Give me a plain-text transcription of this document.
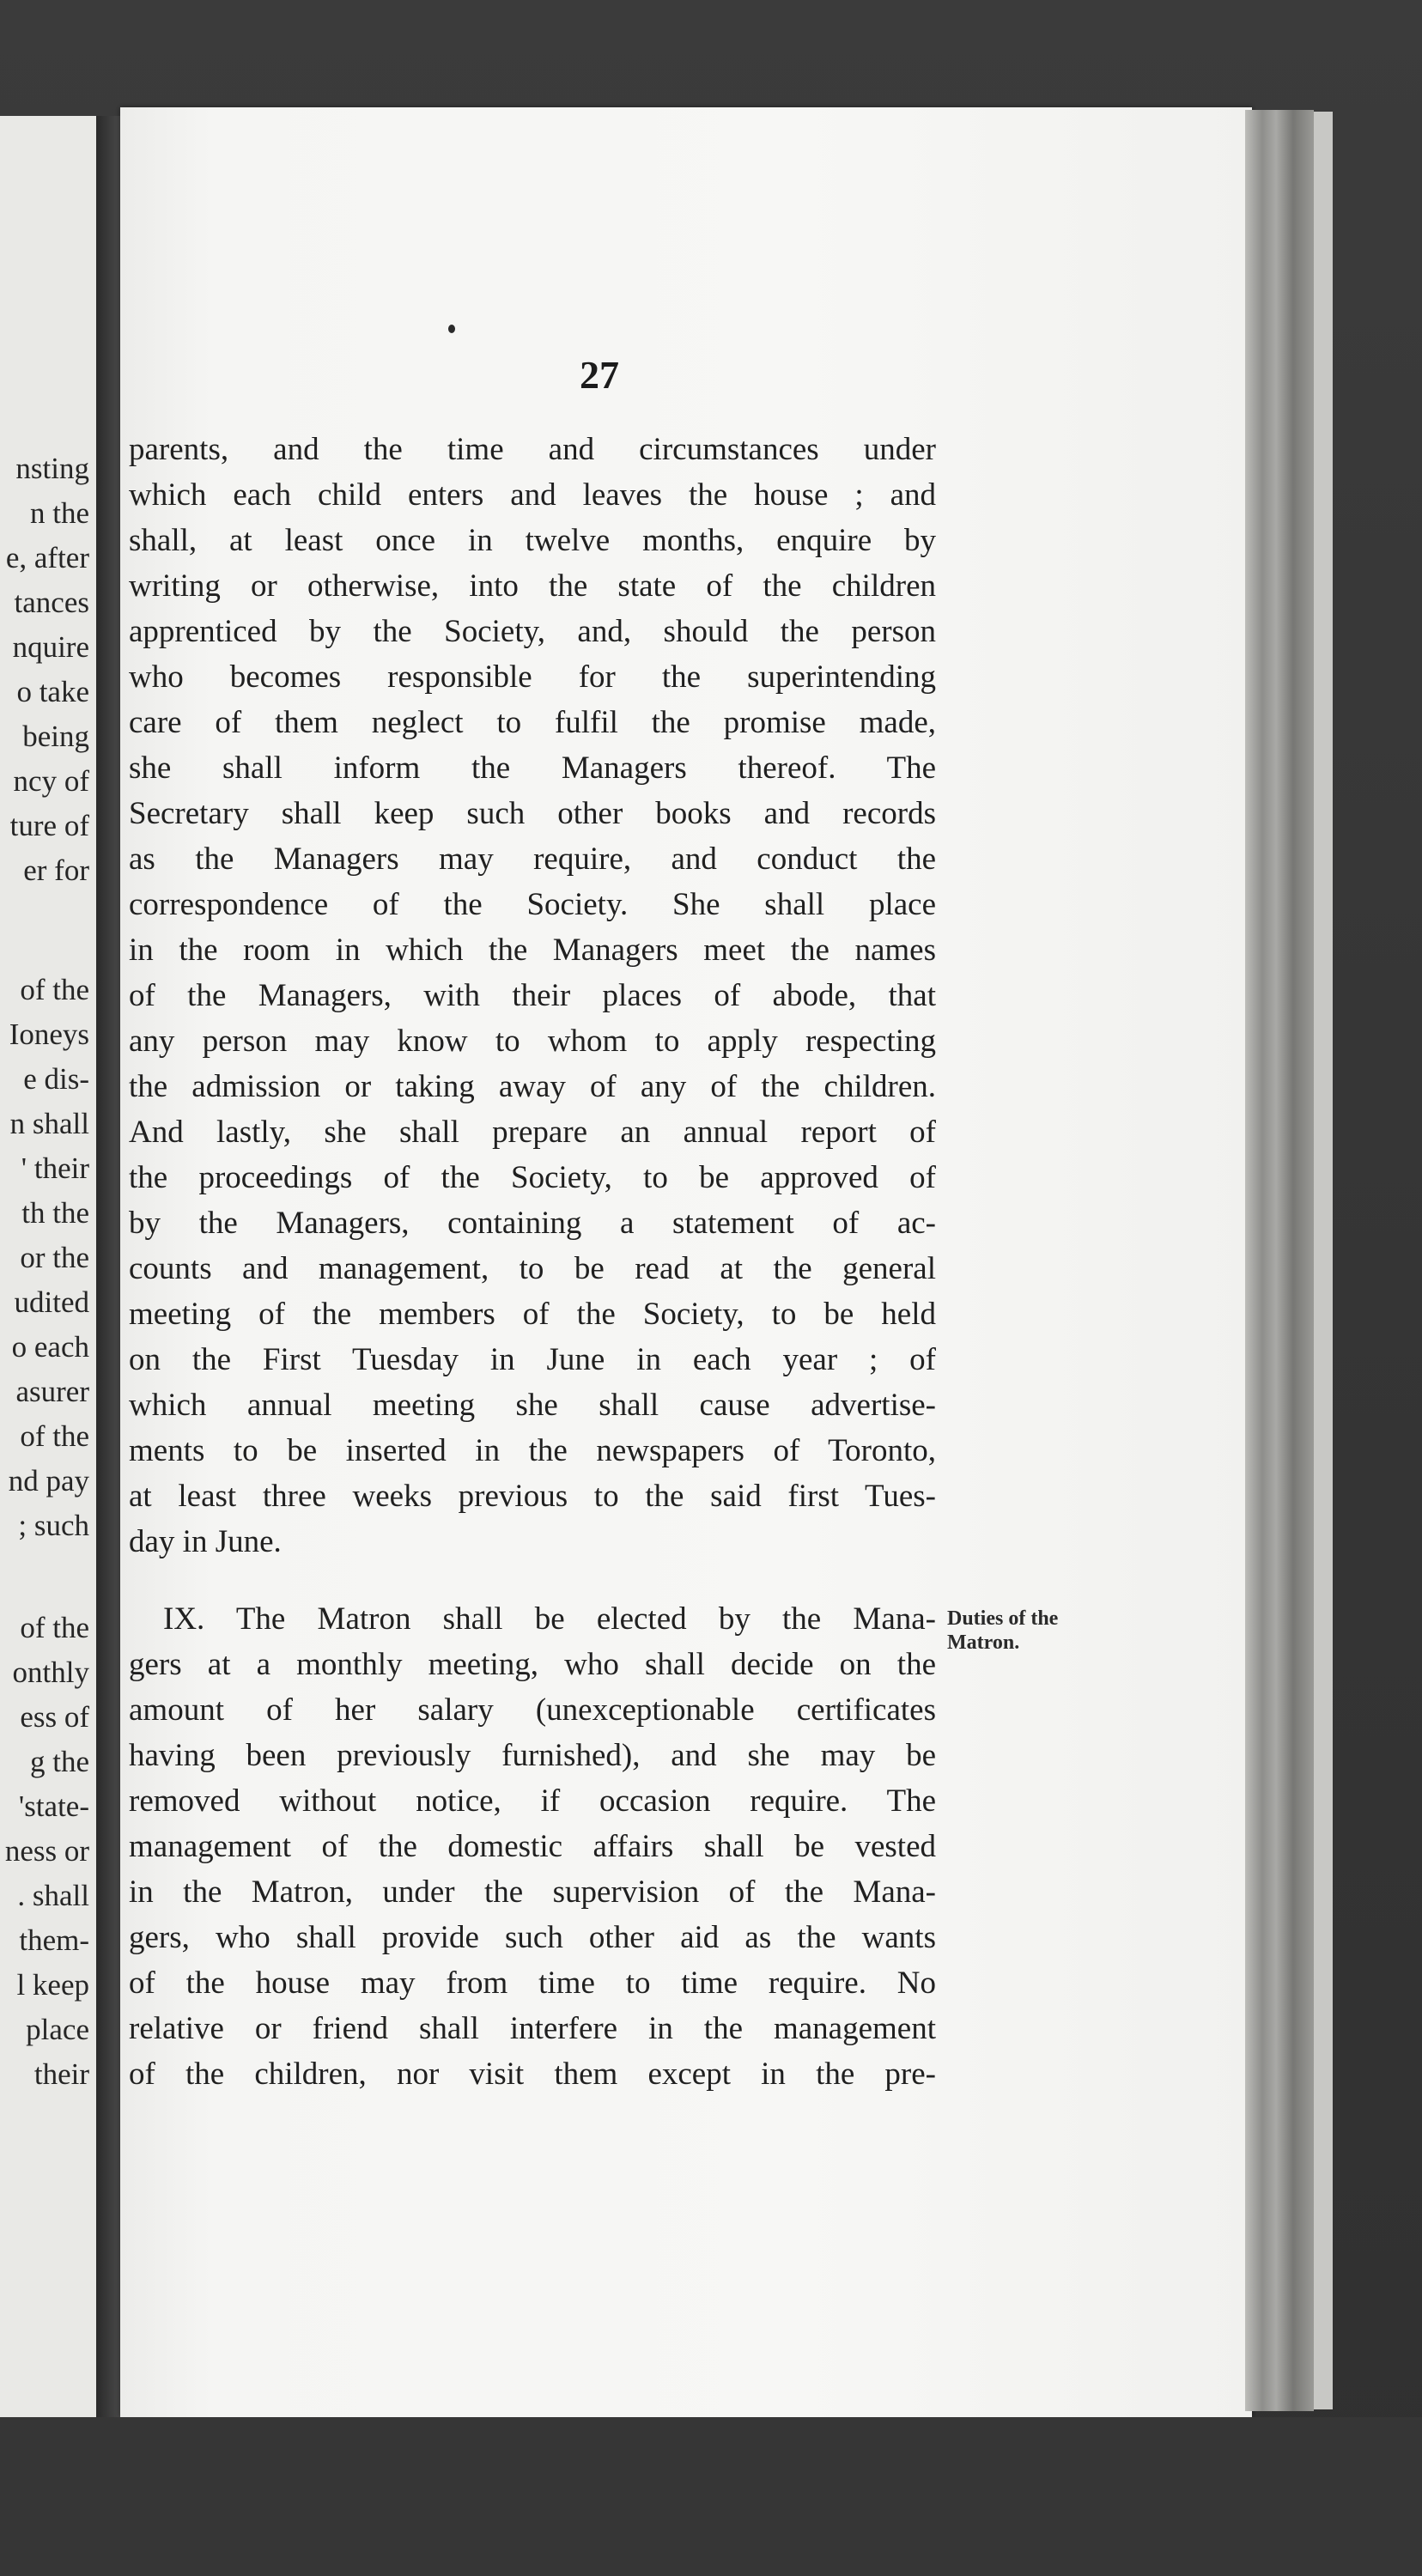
nsting
n the
e, after
tances
nquire
o take
being
ncy of
ture of
er for
of the
Ioneys
e dis-
n shall
' their
th the
or the
udited
o each
asurer
of the
nd pay
; such
of the
onthly
ess of
g the
'state-
ness or
. shall
them-
l keep
place
their
27
parents, and the time and circumstances under
which each child enters and leaves the house ; and
shall, at least once in twelve months, enquire by
writing or otherwise, into the state of the children
apprenticed by the Society, and, should the person
who becomes responsible for the superintending
care of them neglect to fulfil the promise made,
she shall inform the Managers thereof. The
Secretary shall keep such other books and records
as the Managers may require, and conduct the
correspondence of the Society. She shall place
in the room in which the Managers meet the names
of the Managers, with their places of abode, that
any person may know to whom to apply respecting
the admission or taking away of any of the children.
And lastly, she shall prepare an annual report of
the proceedings of the Society, to be approved of
by the Managers, containing a statement of ac-
counts and management, to be read at the general
meeting of the members of the Society, to be held
on the First Tuesday in June in each year ; of
which annual meeting she shall cause advertise-
ments to be inserted in the newspapers of Toronto,
at least three weeks previous to the said first Tues-
day in June.
IX. The Matron shall be elected by the Mana-
gers at a monthly meeting, who shall decide on the
amount of her salary (unexceptionable certificates
having been previously furnished), and she may be
removed without notice, if occasion require. The
management of the domestic affairs shall be vested
in the Matron, under the supervision of the Mana-
gers, who shall provide such other aid as the wants
of the house may from time to time require. No
relative or friend shall interfere in the management
of the children, nor visit them except in the pre-
Duties of the
Matron.
